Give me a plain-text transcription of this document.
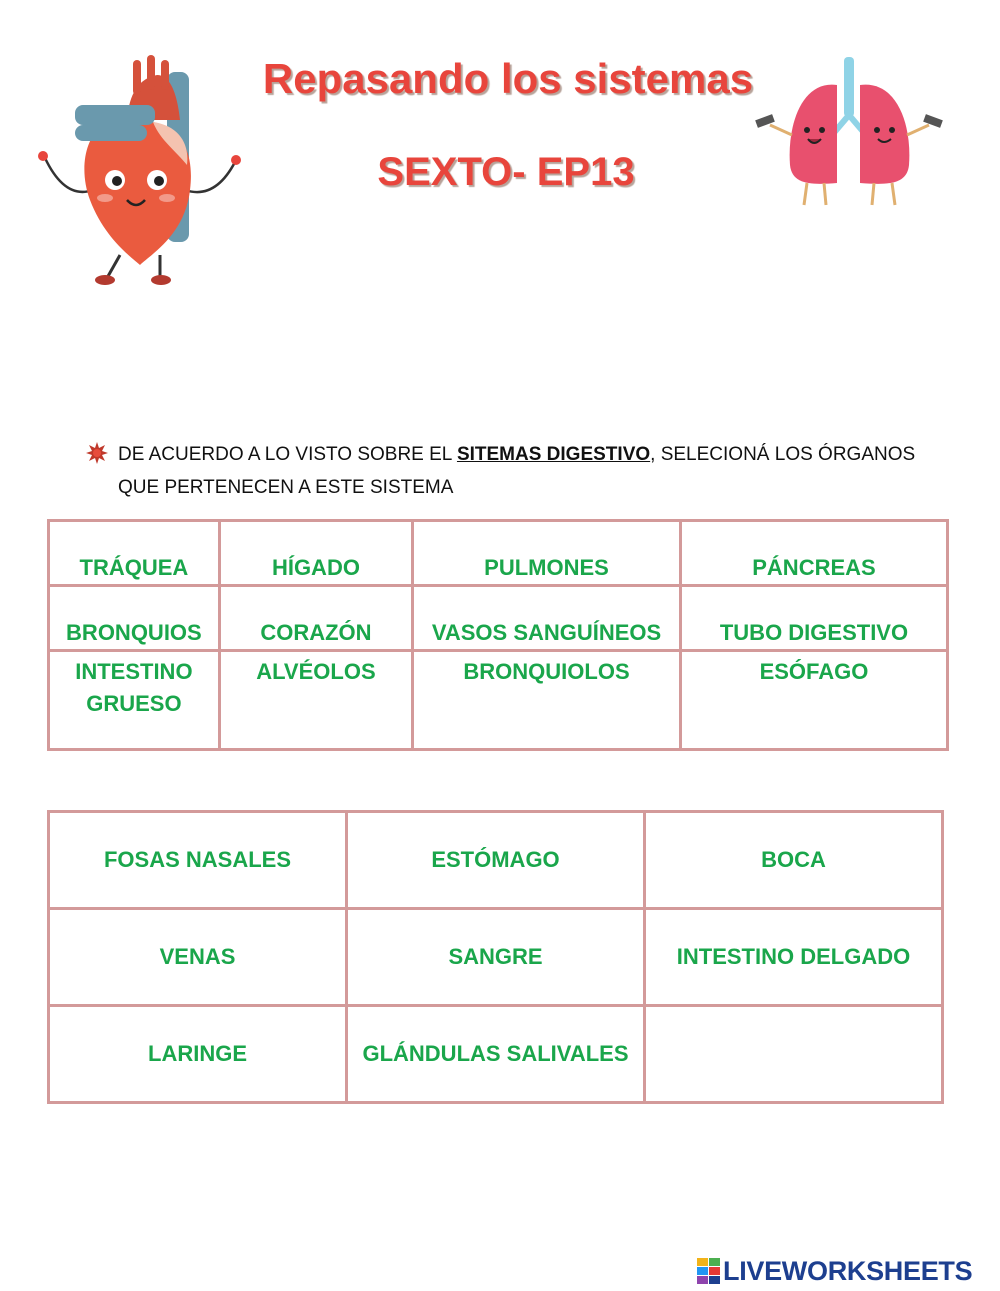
Repasando los sistemas
SEXTO- EP13
DE ACUERDO A LO VISTO SOBRE EL SITEMAS DIGESTIVO, SELECIONÁ LOS ÓRGANOS QUE PERTENECEN A ESTE SISTEMA
TRÁQUEA	HÍGADO	PULMONES	PÁNCREAS
BRONQUIOS	CORAZÓN	VASOS SANGUÍNEOS	TUBO DIGESTIVO
INTESTINO GRUESO	ALVÉOLOS	BRONQUIOLOS	ESÓFAGO
FOSAS NASALES	ESTÓMAGO	BOCA
VENAS	SANGRE	INTESTINO DELGADO
LARINGE	GLÁNDULAS SALIVALES	
LIVEWORKSHEETS
